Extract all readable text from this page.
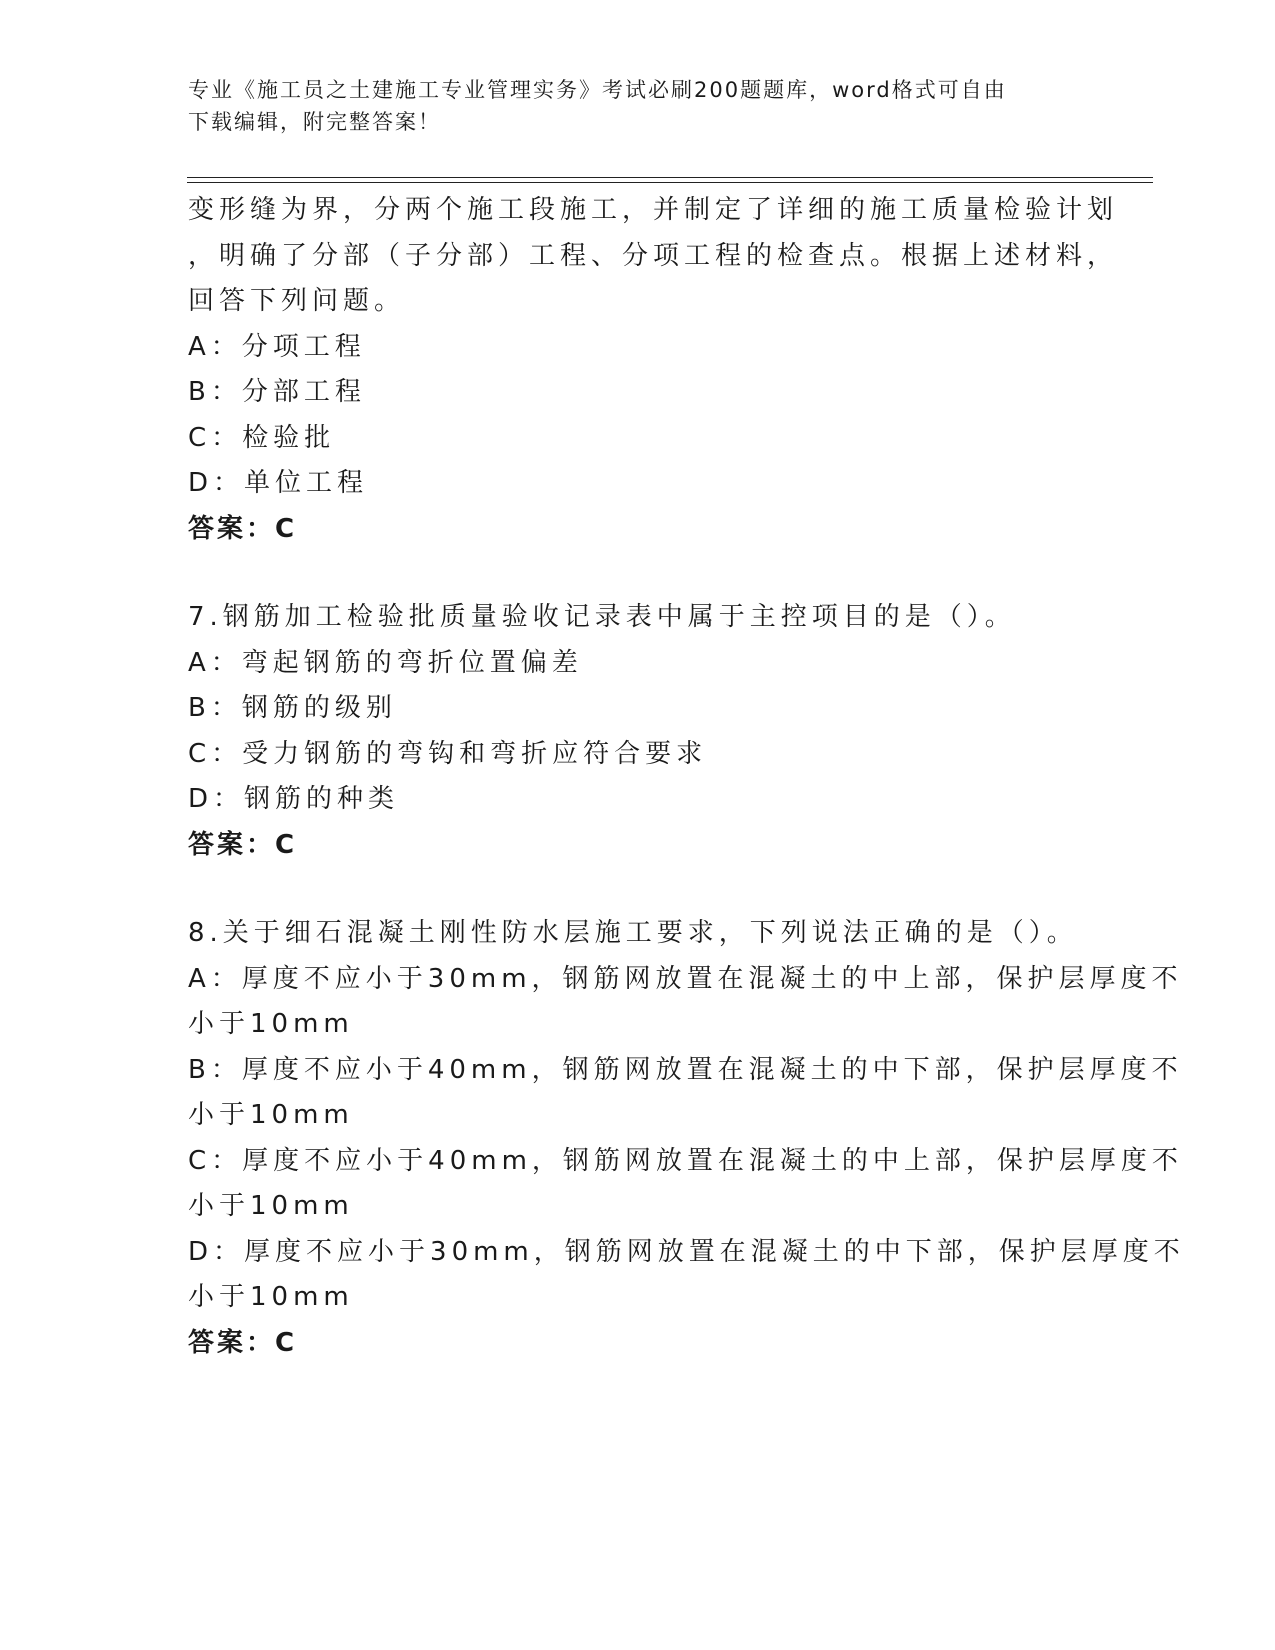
专业《施工员之土建施工专业管理实务》考试必刷200题题库，word格式可自由
下载编辑，附完整答案！

变形缝为界，分两个施工段施工，并制定了详细的施工质量检验计划

，明确了分部（子分部）工程、分项工程的检查点。根据上述材料，

回答下列问题。

A：分项工程

B：分部工程

C：检验批

D：单位工程

答案：C

7.钢筋加工检验批质量验收记录表中属于主控项目的是（）。

A：弯起钢筋的弯折位置偏差

B：钢筋的级别

C：受力钢筋的弯钩和弯折应符合要求

D：钢筋的种类

答案：C

8.关于细石混凝土刚性防水层施工要求，下列说法正确的是（）。

A：厚度不应小于30mm，钢筋网放置在混凝土的中上部，保护层厚度不

小于10mm

B：厚度不应小于40mm，钢筋网放置在混凝土的中下部，保护层厚度不

小于10mm

C：厚度不应小于40mm，钢筋网放置在混凝土的中上部，保护层厚度不

小于10mm

D：厚度不应小于30mm，钢筋网放置在混凝土的中下部，保护层厚度不

小于10mm

答案：C
